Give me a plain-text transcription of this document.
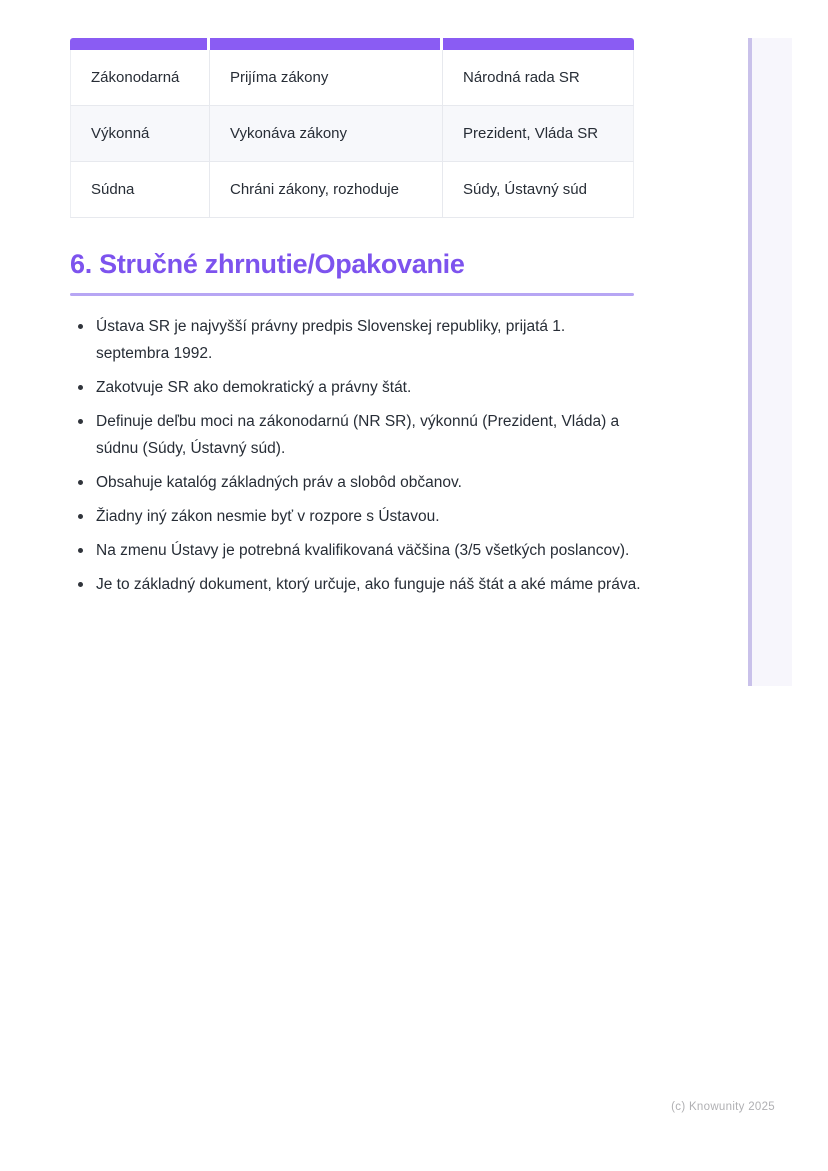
Zákonodarná	Prijíma zákony	Národná rada SR
Výkonná	Vykonáva zákony	Prezident, Vláda SR
Súdna	Chráni zákony, rozhoduje	Súdy, Ústavný súd
6. Stručné zhrnutie/Opakovanie
Ústava SR je najvyšší právny predpis Slovenskej republiky, prijatá 1. septembra 1992.
Zakotvuje SR ako demokratický a právny štát.
Definuje deľbu moci na zákonodarnú (NR SR), výkonnú (Prezident, Vláda) a súdnu (Súdy, Ústavný súd).
Obsahuje katalóg základných práv a slobôd občanov.
Žiadny iný zákon nesmie byť v rozpore s Ústavou.
Na zmenu Ústavy je potrebná kvalifikovaná väčšina (3/5 všetkých poslancov).
Je to základný dokument, ktorý určuje, ako funguje náš štát a aké máme práva.
(c) Knowunity 2025
